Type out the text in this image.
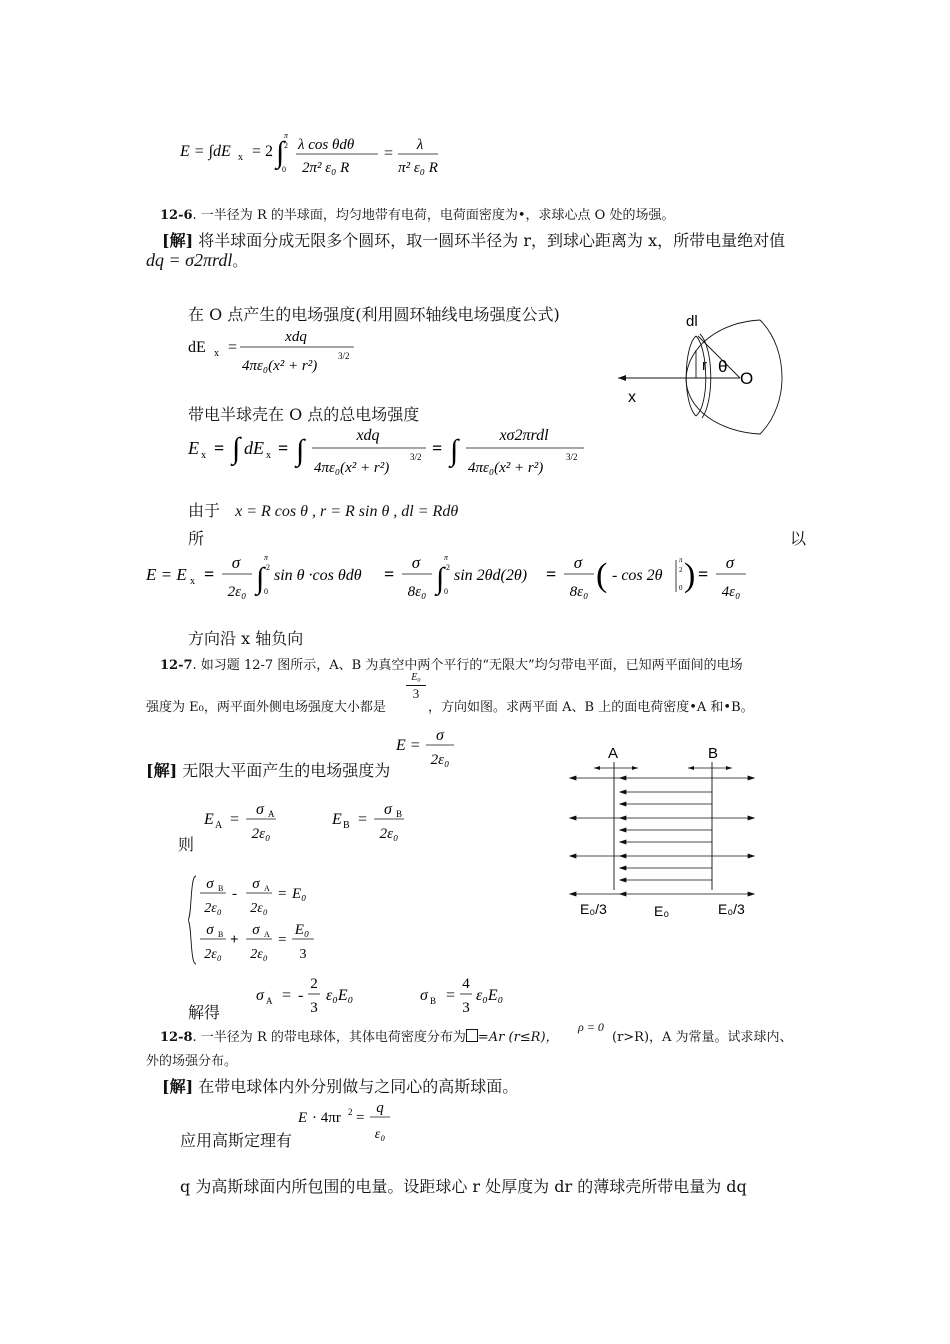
E = ∫dE x = 2 ∫
π
2
0
λ cos θdθ
2π² ε₀ R
= λ
π² ε₀ R
12-6. 一半径为 R 的半球面，均匀地带有电荷，电荷面密度为•，求球心点 O 处的场强。
[解] 将半球面分成无限多个圆环，取一圆环半径为 r，到球心距离为 x，所带电量绝对值
dq = σ2πrdl。
在 O 点产生的电场强度(利用圆环轴线电场强度公式)
dE x =
xdq
4πε₀(x² + r²)
3/2
带电半球壳在 O 点的总电场强度
E x = ∫ dE x = ∫	xdq
4πε₀(x² + r²)
3/2 = ∫	xσ2πrdl
4πε₀(x² + r²)
3/2
由于 x = R cos θ , r = R sin θ , dl = Rdθ
所	以
E = E x =
σ
2ε₀ ∫
π
2
0
sin θ ·cos θdθ =
σ
8ε₀ ∫
π
2
0
sin 2θd(2θ) =
σ
8ε₀ ( - cos 2θ
π
2
0 ) =
σ
4ε₀
方向沿 x 轴负向
dl
r θ
O
x
12-7. 如习题 12-7 图所示，A、B 为真空中两个平行的“无限大”均匀带电平面，已知两平面间的电场
强度为 E₀，两平面外侧电场强度大小都是
E₀
3
，方向如图。求两平面 A、B 上的面电荷密度•A 和•B。
E =
σ
2ε₀
[解] 无限大平面产生的电场强度为
E A =
σ A
2ε₀
E B =
σ B
2ε₀
则
σ B
2ε₀
-
σ A
2ε₀
= E₀
σ B
2ε₀
+
σ A
2ε₀
=
E₀
3
解得
σ A = -
2
3
ε₀E₀	σ B =
4
3
ε₀E₀
A	B
E₀/3	E₀	E₀/3
12-8. 一半径为 R 的带电球体，其体电荷密度分布为 =Ar (r≤R)，
ρ = 0
(r>R)，A 为常量。试求球内、
外的场强分布。
[解] 在带电球体内外分别做与之同心的高斯球面。
E · 4πr 2 =
q
ε₀
应用高斯定理有
q 为高斯球面内所包围的电量。设距球心 r 处厚度为 dr 的薄球壳所带电量为 dq
